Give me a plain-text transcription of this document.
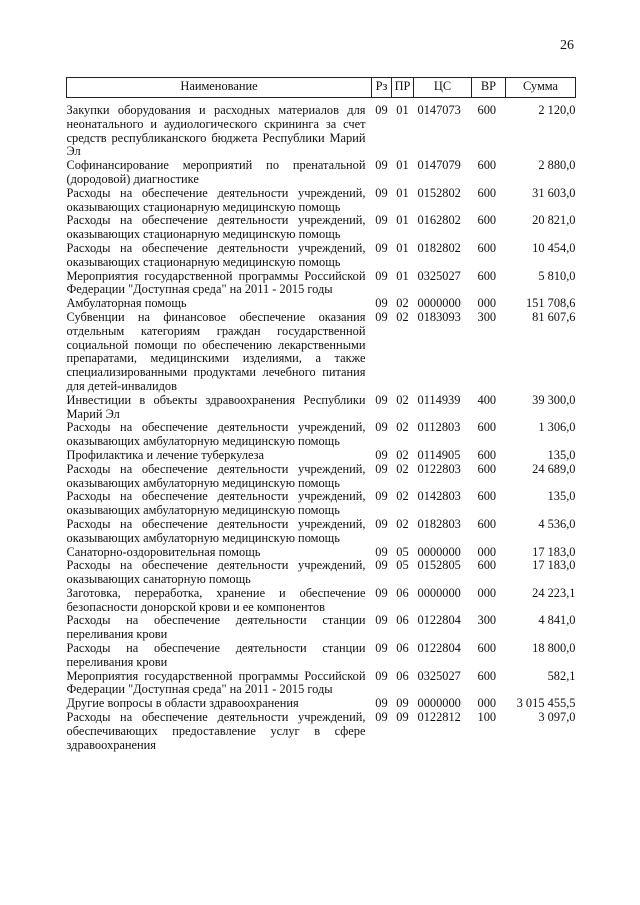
26
Наименование	Рз	ПР	ЦС	ВР	Сумма
Закупки оборудования и расходных материалов для неонатального и аудиологического скрининга за счет средств республиканского бюджета Республики Марий Эл	09	01	0147073	600	2 120,0
Софинансирование мероприятий по пренатальной (дородовой) диагностике	09	01	0147079	600	2 880,0
Расходы на обеспечение деятельности учреждений, оказывающих стационарную медицинскую помощь	09	01	0152802	600	31 603,0
Расходы на обеспечение деятельности учреждений, оказывающих стационарную медицинскую помощь	09	01	0162802	600	20 821,0
Расходы на обеспечение деятельности учреждений, оказывающих стационарную медицинскую помощь	09	01	0182802	600	10 454,0
Мероприятия государственной программы Российской Федерации "Доступная среда" на 2011 - 2015 годы	09	01	0325027	600	5 810,0
Амбулаторная помощь	09	02	0000000	000	151 708,6
Субвенции на финансовое обеспечение оказания отдельным категориям граждан государственной социальной помощи по обеспечению лекарственными препаратами, медицинскими изделиями, а также специализированными продуктами лечебного питания для детей-инвалидов	09	02	0183093	300	81 607,6
Инвестиции в объекты здравоохранения Республики Марий Эл	09	02	0114939	400	39 300,0
Расходы на обеспечение деятельности учреждений, оказывающих амбулаторную медицинскую помощь	09	02	0112803	600	1 306,0
Профилактика и лечение туберкулеза	09	02	0114905	600	135,0
Расходы на обеспечение деятельности учреждений, оказывающих амбулаторную медицинскую помощь	09	02	0122803	600	24 689,0
Расходы на обеспечение деятельности учреждений, оказывающих амбулаторную медицинскую помощь	09	02	0142803	600	135,0
Расходы на обеспечение деятельности учреждений, оказывающих амбулаторную медицинскую помощь	09	02	0182803	600	4 536,0
Санаторно-оздоровительная помощь	09	05	0000000	000	17 183,0
Расходы на обеспечение деятельности учреждений, оказывающих санаторную помощь	09	05	0152805	600	17 183,0
Заготовка, переработка, хранение и обеспечение безопасности донорской крови и ее компонентов	09	06	0000000	000	24 223,1
Расходы на обеспечение деятельности станции переливания крови	09	06	0122804	300	4 841,0
Расходы на обеспечение деятельности станции переливания крови	09	06	0122804	600	18 800,0
Мероприятия государственной программы Российской Федерации "Доступная среда" на 2011 - 2015 годы	09	06	0325027	600	582,1
Другие вопросы в области здравоохранения	09	09	0000000	000	3 015 455,5
Расходы на обеспечение деятельности учреждений, обеспечивающих предоставление услуг в сфере здравоохранения	09	09	0122812	100	3 097,0
